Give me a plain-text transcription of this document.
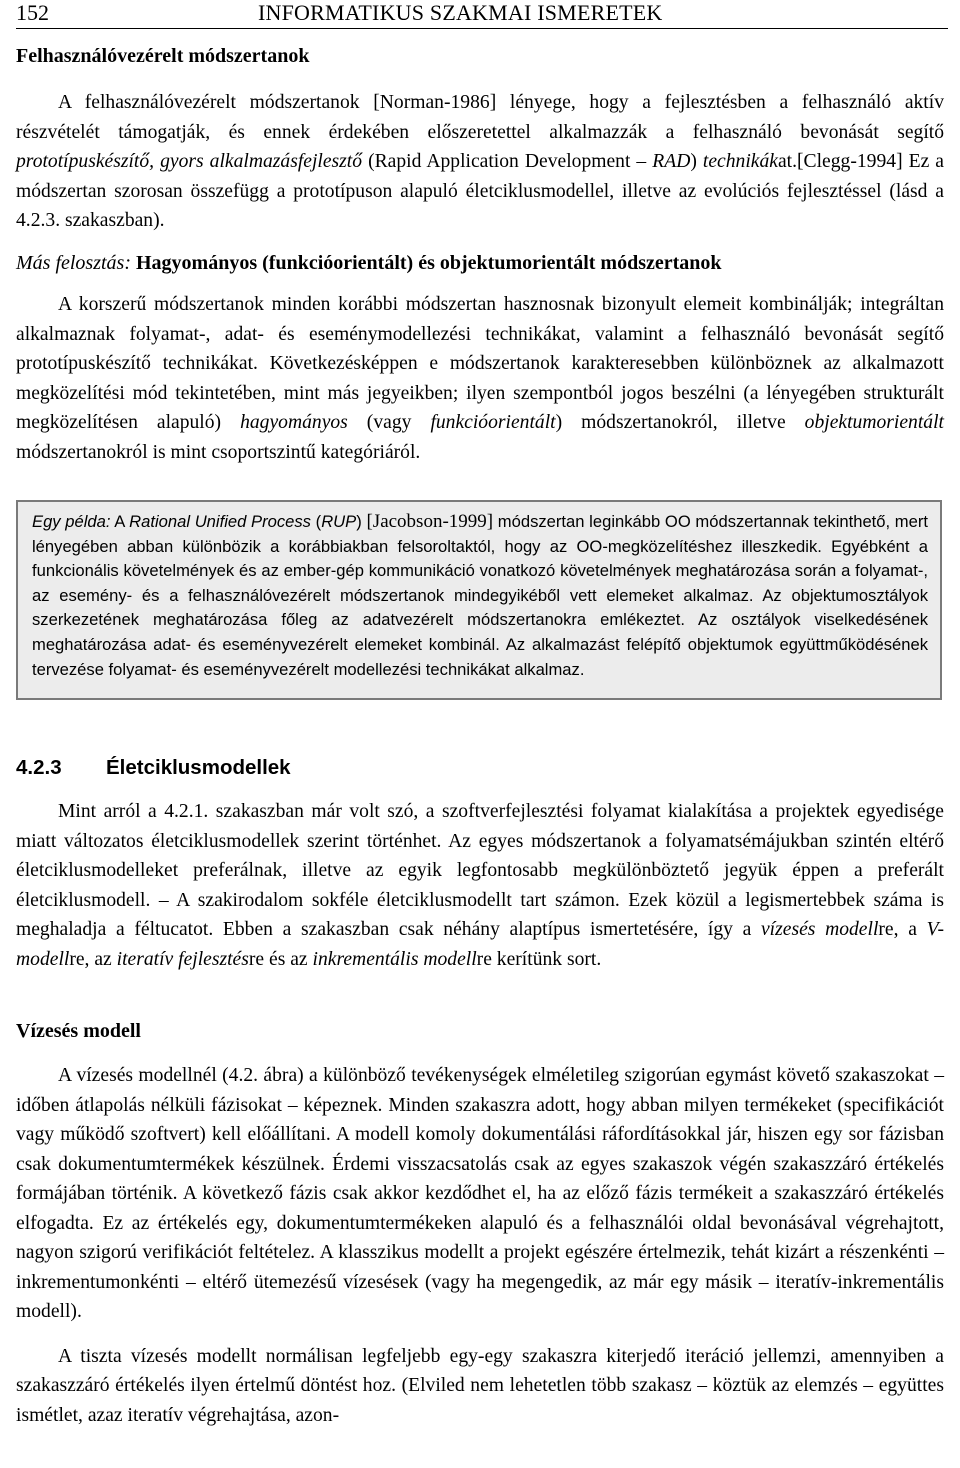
152	INFORMATIKUS SZAKMAI ISMERETEK
Felhasználóvezérelt módszertanok

A felhasználóvezérelt módszertanok [Norman-1986] lényege, hogy a fejlesztésben a felhasználó aktív részvételét támogatják, és ennek érdekében előszeretettel alkalmazzák a felhasználó bevonását segítő prototípuskészítő, gyors alkalmazásfejlesztő (Rapid Application Development – RAD) technikákat.[Clegg-1994] Ez a módszertan szorosan összefügg a prototípuson alapuló életciklusmodellel, illetve az evolúciós fejlesztéssel (lásd a 4.2.3. szakaszban).

Más felosztás: Hagyományos (funkcióorientált) és objektumorientált módszertanok

A korszerű módszertanok minden korábbi módszertan hasznosnak bizonyult elemeit kombinálják; integráltan alkalmaznak folyamat-, adat- és eseménymodellezési technikákat, valamint a felhasználó bevonását segítő prototípuskészítő technikákat. Következésképpen e módszertanok karakteresebben különböznek az alkalmazott megközelítési mód tekintetében, mint más jegyeikben; ilyen szempontból jogos beszélni (a lényegében strukturált megközelítésen alapuló) hagyományos (vagy funkcióorientált) módszertanokról, illetve objektumorientált módszertanokról is mint csoportszintű kategóriáról.

Egy példa: A Rational Unified Process (RUP) [Jacobson-1999] módszertan leginkább OO módszertannak tekinthető, mert lényegében abban különbözik a korábbiakban felsoroltaktól, hogy az OO-megközelítéshez illeszkedik. Egyébként a funkcionális követelmények és az ember-gép kommunikáció vonatkozó követelmények meghatározása során a folyamat-, az esemény- és a felhasználóvezérelt módszertanok mindegyikéből vett elemeket alkalmaz. Az objektumosztályok szerkezetének meghatározása főleg az adatvezérelt módszertanokra emlékeztet. Az osztályok viselkedésének meghatározása adat- és eseményvezérelt elemeket kombinál. Az alkalmazást felépítő objektumok együttműködésének tervezése folyamat- és eseményvezérelt modellezési technikákat alkalmaz.

4.2.3 Életciklusmodellek

Mint arról a 4.2.1. szakaszban már volt szó, a szoftverfejlesztési folyamat kialakítása a projektek egyedisége miatt változatos életciklusmodellek szerint történhet. Az egyes módszertanok a folyamatsémájukban szintén eltérő életciklusmodelleket preferálnak, illetve az egyik legfontosabb megkülönböztető jegyük éppen a preferált életciklusmodell. – A szakirodalom sokféle életciklusmodellt tart számon. Ezek közül a legismertebbek száma is meghaladja a féltucatot. Ebben a szakaszban csak néhány alaptípus ismertetésére, így a vízesés modellre, a V-modellre, az iteratív fejlesztésre és az inkrementális modellre kerítünk sort.

Vízesés modell

A vízesés modellnél (4.2. ábra) a különböző tevékenységek elméletileg szigorúan egymást követő szakaszokat – időben átlapolás nélküli fázisokat – képeznek. Minden szakaszra adott, hogy abban milyen termékeket (specifikációt vagy működő szoftvert) kell előállítani. A modell komoly dokumentálási ráfordításokkal jár, hiszen egy sor fázisban csak dokumentumtermékek készülnek. Érdemi visszacsatolás csak az egyes szakaszok végén szakaszzáró értékelés formájában történik. A következő fázis csak akkor kezdődhet el, ha az előző fázis termékeit a szakaszzáró értékelés elfogadta. Ez az értékelés egy, dokumentumtermékeken alapuló és a felhasználói oldal bevonásával végrehajtott, nagyon szigorú verifikációt feltételez. A klasszikus modellt a projekt egészére értelmezik, tehát kizárt a részenkénti – inkrementumonkénti – eltérő ütemezésű vízesések (vagy ha megengedik, az már egy másik – iteratív-inkrementális modell).

A tiszta vízesés modellt normálisan legfeljebb egy-egy szakaszra kiterjedő iteráció jellemzi, amennyiben a szakaszzáró értékelés ilyen értelmű döntést hoz. (Elviled nem lehetetlen több szakasz – köztük az elemzés – együttes ismétlet, azaz iteratív végrehajtása, azon-
